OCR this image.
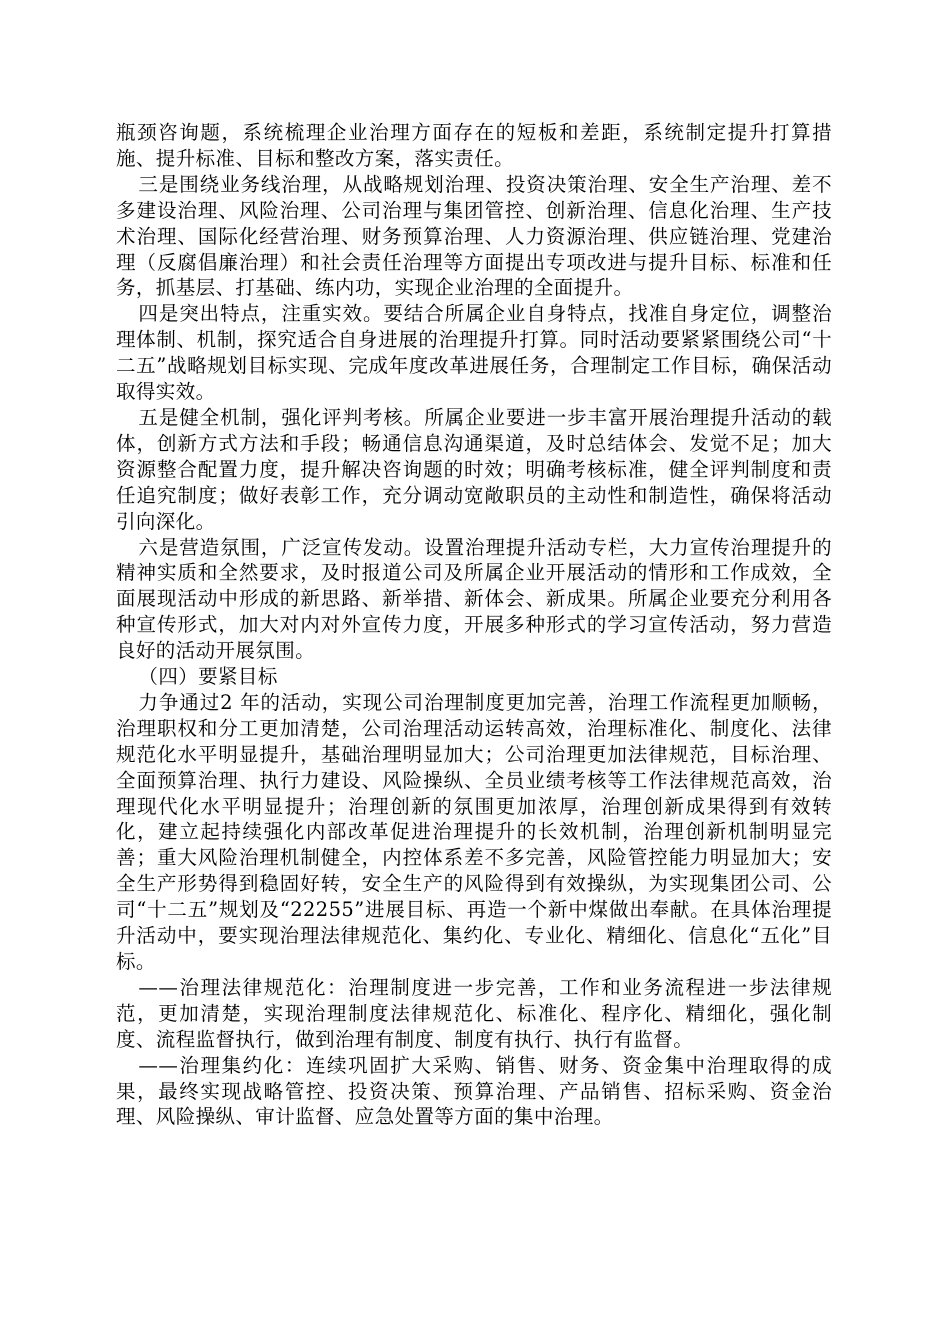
瓶颈咨询题，系统梳理企业治理方面存在的短板和差距，系统制定提升打算措施、提升标准、目标和整改方案，落实责任。

三是围绕业务线治理，从战略规划治理、投资决策治理、安全生产治理、差不多建设治理、风险治理、公司治理与集团管控、创新治理、信息化治理、生产技术治理、国际化经营治理、财务预算治理、人力资源治理、供应链治理、党建治理（反腐倡廉治理）和社会责任治理等方面提出专项改进与提升目标、标准和任务，抓基层、打基础、练内功，实现企业治理的全面提升。

四是突出特点，注重实效。要结合所属企业自身特点，找准自身定位，调整治理体制、机制，探究适合自身进展的治理提升打算。同时活动要紧紧围绕公司“十二五”战略规划目标实现、完成年度改革进展任务，合理制定工作目标，确保活动取得实效。

五是健全机制，强化评判考核。所属企业要进一步丰富开展治理提升活动的载体，创新方式方法和手段；畅通信息沟通渠道，及时总结体会、发觉不足；加大资源整合配置力度，提升解决咨询题的时效；明确考核标准，健全评判制度和责任追究制度；做好表彰工作，充分调动宽敞职员的主动性和制造性，确保将活动引向深化。

六是营造氛围，广泛宣传发动。设置治理提升活动专栏，大力宣传治理提升的精神实质和全然要求，及时报道公司及所属企业开展活动的情形和工作成效，全面展现活动中形成的新思路、新举措、新体会、新成果。所属企业要充分利用各种宣传形式，加大对内对外宣传力度，开展多种形式的学习宣传活动，努力营造良好的活动开展氛围。

（四）要紧目标

力争通过2 年的活动，实现公司治理制度更加完善，治理工作流程更加顺畅，治理职权和分工更加清楚，公司治理活动运转高效，治理标准化、制度化、法律规范化水平明显提升，基础治理明显加大；公司治理更加法律规范，目标治理、全面预算治理、执行力建设、风险操纵、全员业绩考核等工作法律规范高效，治理现代化水平明显提升；治理创新的氛围更加浓厚，治理创新成果得到有效转化，建立起持续强化内部改革促进治理提升的长效机制，治理创新机制明显完善；重大风险治理机制健全，内控体系差不多完善，风险管控能力明显加大；安全生产形势得到稳固好转，安全生产的风险得到有效操纵，为实现集团公司、公司“十二五”规划及“22255”进展目标、再造一个新中煤做出奉献。在具体治理提升活动中，要实现治理法律规范化、集约化、专业化、精细化、信息化“五化”目标。

——治理法律规范化：治理制度进一步完善，工作和业务流程进一步法律规范，更加清楚，实现治理制度法律规范化、标准化、程序化、精细化，强化制度、流程监督执行，做到治理有制度、制度有执行、执行有监督。

——治理集约化：连续巩固扩大采购、销售、财务、资金集中治理取得的成果，最终实现战略管控、投资决策、预算治理、产品销售、招标采购、资金治理、风险操纵、审计监督、应急处置等方面的集中治理。
